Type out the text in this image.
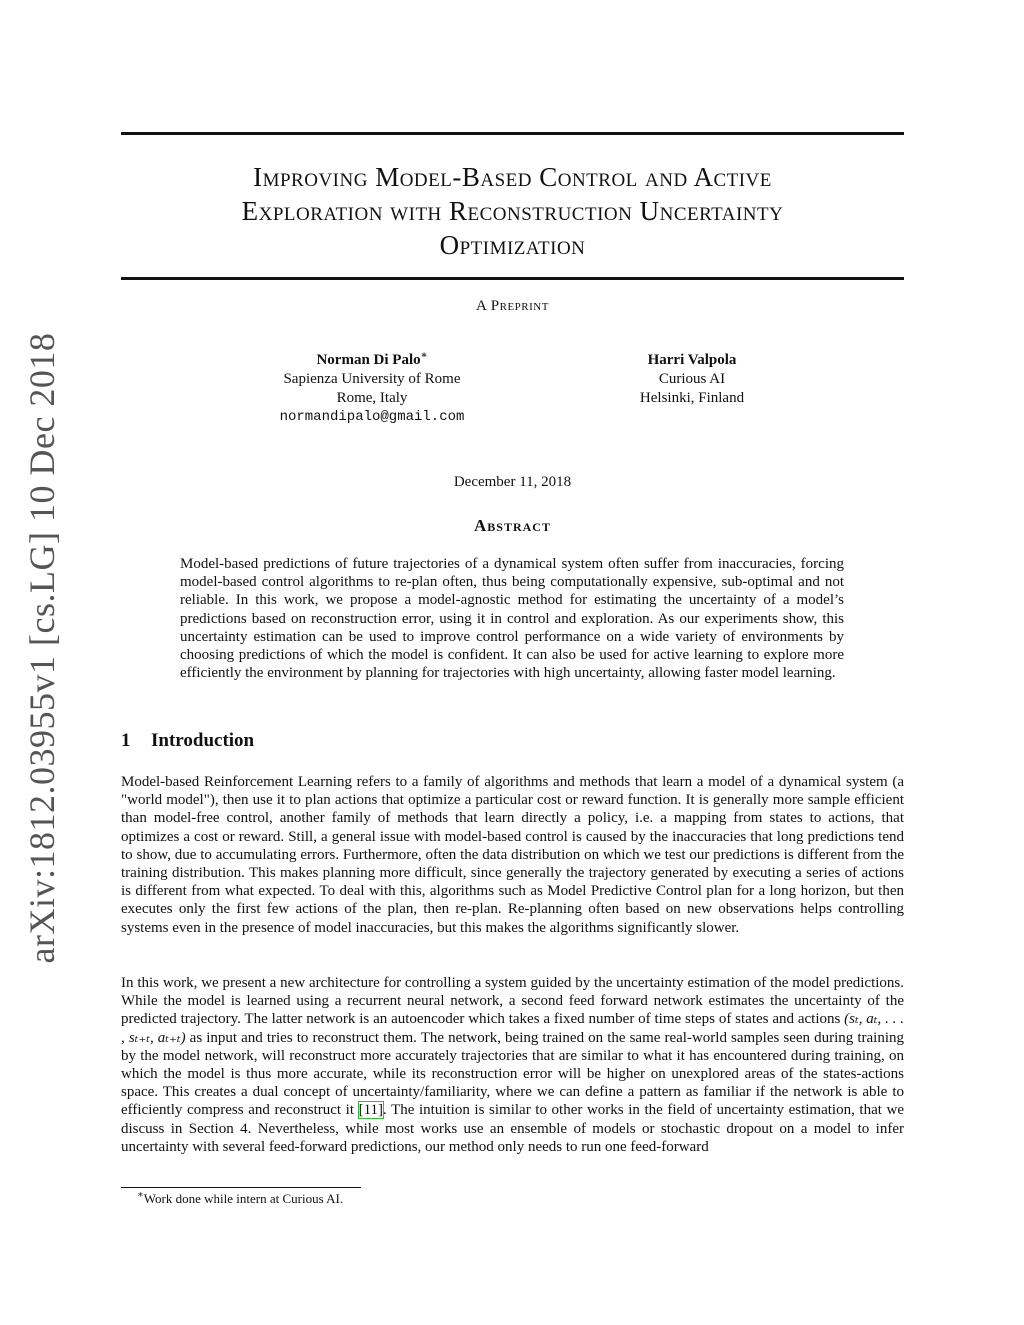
arXiv:1812.03955v1 [cs.LG] 10 Dec 2018
Improving Model-Based Control and Active
Exploration with Reconstruction Uncertainty
Optimization
A Preprint
Norman Di Palo∗
Sapienza University of Rome
Rome, Italy
normandipalo@gmail.com
Harri Valpola
Curious AI
Helsinki, Finland
December 11, 2018
Abstract

Model-based predictions of future trajectories of a dynamical system often suffer from inaccuracies, forcing model-based control algorithms to re-plan often, thus being computationally expensive, sub-optimal and not reliable. In this work, we propose a model-agnostic method for estimating the uncertainty of a model’s predictions based on reconstruction error, using it in control and exploration. As our experiments show, this uncertainty estimation can be used to improve control performance on a wide variety of environments by choosing predictions of which the model is confident. It can also be used for active learning to explore more efficiently the environment by planning for trajectories with high uncertainty, allowing faster model learning.

1 Introduction

Model-based Reinforcement Learning refers to a family of algorithms and methods that learn a model of a dynamical system (a "world model"), then use it to plan actions that optimize a particular cost or reward function. It is generally more sample efficient than model-free control, another family of methods that learn directly a policy, i.e. a mapping from states to actions, that optimizes a cost or reward. Still, a general issue with model-based control is caused by the inaccuracies that long predictions tend to show, due to accumulating errors. Furthermore, often the data distribution on which we test our predictions is different from the training distribution. This makes planning more difficult, since generally the trajectory generated by executing a series of actions is different from what expected. To deal with this, algorithms such as Model Predictive Control plan for a long horizon, but then executes only the first few actions of the plan, then re-plan. Re-planning often based on new observations helps controlling systems even in the presence of model inaccuracies, but this makes the algorithms significantly slower.

In this work, we present a new architecture for controlling a system guided by the uncertainty estimation of the model predictions. While the model is learned using a recurrent neural network, a second feed forward network estimates the uncertainty of the predicted trajectory. The latter network is an autoencoder which takes a fixed number of time steps of states and actions (sₜ, aₜ, . . . , sₜ₊ₜ, aₜ₊ₜ) as input and tries to reconstruct them. The network, being trained on the same real-world samples seen during training by the model network, will reconstruct more accurately trajectories that are similar to what it has encountered during training, on which the model is thus more accurate, while its reconstruction error will be higher on unexplored areas of the states-actions space. This creates a dual concept of uncertainty/familiarity, where we can define a pattern as familiar if the network is able to efficiently compress and reconstruct it [11]. The intuition is similar to other works in the field of uncertainty estimation, that we discuss in Section 4. Nevertheless, while most works use an ensemble of models or stochastic dropout on a model to infer uncertainty with several feed-forward predictions, our method only needs to run one feed-forward

∗Work done while intern at Curious AI.
